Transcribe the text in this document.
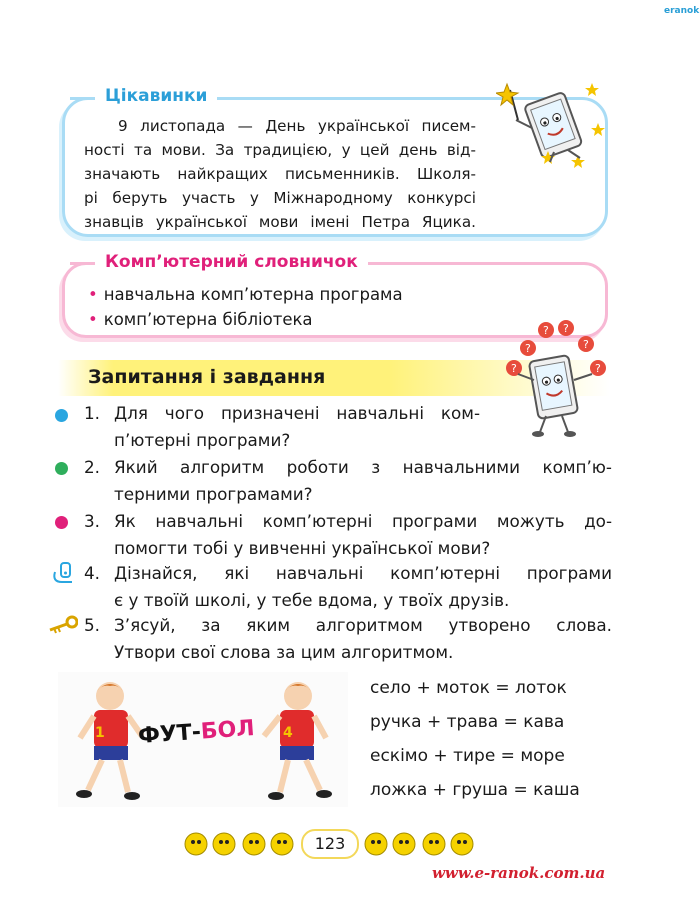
eranok
Цікавинки

9 листопада — День української писем-

ності та мови. За традицією, у цей день від-
значають найкращих письменників. Школя-
рі беруть участь у Міжнародному конкурсі
знавців української мови імені Петра Яцика.
Комп’ютерний словничок
• навчальна комп’ютерна програма
• комп’ютерна бібліотека
Запитання і завдання
?
? ?
?
?
?
1. Для чого призначені навчальні ком-
п’ютерні програми?
2. Який алгоритм роботи з навчальними комп’ю-
терними програмами?
3. Як навчальні комп’ютерні програми можуть до-
помогти тобі у вивченні української мови?
4. Дізнайся, які навчальні комп’ютерні програми
є у твоїй школі, у тебе вдома, у твоїх друзів.
5. З’ясуй, за яким алгоритмом утворено слова.
Утвори свої слова за цим алгоритмом.
1	4
ФУТ-БОЛ
село + моток = лоток
ручка + трава = кава
ескімо + тире = море
ложка + груша = каша
123
www.e-ranok.com.ua
